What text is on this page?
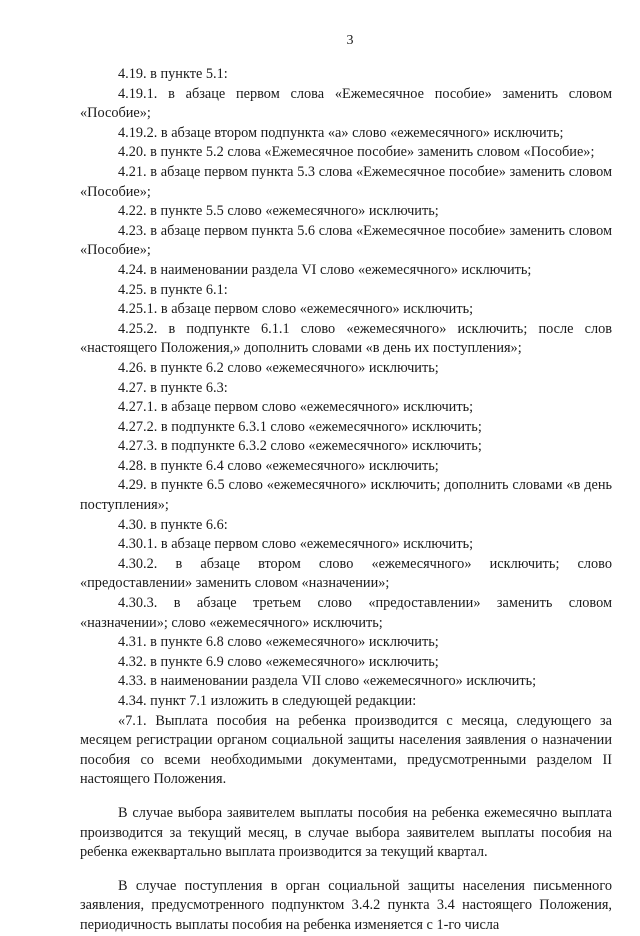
3

4.19. в пункте 5.1:

4.19.1. в абзаце первом слова «Ежемесячное пособие» заменить словом «Пособие»;

4.19.2. в абзаце втором подпункта «а» слово «ежемесячного» исключить;

4.20. в пункте 5.2 слова «Ежемесячное пособие» заменить словом «Пособие»;

4.21. в абзаце первом пункта 5.3 слова «Ежемесячное пособие» заменить словом «Пособие»;

4.22. в пункте 5.5 слово «ежемесячного» исключить;

4.23. в абзаце первом пункта 5.6 слова «Ежемесячное пособие» заменить словом «Пособие»;

4.24. в наименовании раздела VI слово «ежемесячного» исключить;

4.25. в пункте 6.1:

4.25.1. в абзаце первом слово «ежемесячного» исключить;

4.25.2. в подпункте 6.1.1 слово «ежемесячного» исключить; после слов «настоящего Положения,» дополнить словами «в день их поступления»;

4.26. в пункте 6.2 слово «ежемесячного» исключить;

4.27. в пункте 6.3:

4.27.1. в абзаце первом слово «ежемесячного» исключить;

4.27.2. в подпункте 6.3.1 слово «ежемесячного» исключить;

4.27.3. в подпункте 6.3.2 слово «ежемесячного» исключить;

4.28. в пункте 6.4 слово «ежемесячного» исключить;

4.29. в пункте 6.5 слово «ежемесячного» исключить; дополнить словами «в день поступления»;

4.30. в пункте 6.6:

4.30.1. в абзаце первом слово «ежемесячного» исключить;

4.30.2. в абзаце втором слово «ежемесячного» исключить; слово «предоставлении» заменить словом «назначении»;

4.30.3. в абзаце третьем слово «предоставлении» заменить словом «назначении»; слово «ежемесячного» исключить;

4.31. в пункте 6.8 слово «ежемесячного» исключить;

4.32. в пункте 6.9 слово «ежемесячного» исключить;

4.33. в наименовании раздела VII слово «ежемесячного» исключить;

4.34. пункт 7.1 изложить в следующей редакции:

«7.1. Выплата пособия на ребенка производится с месяца, следующего за месяцем регистрации органом социальной защиты населения заявления о назначении пособия со всеми необходимыми документами, предусмотренными разделом II настоящего Положения.

В случае выбора заявителем выплаты пособия на ребенка ежемесячно выплата производится за текущий месяц, в случае выбора заявителем выплаты пособия на ребенка ежеквартально выплата производится за текущий квартал.

В случае поступления в орган социальной защиты населения письменного заявления, предусмотренного подпунктом 3.4.2 пункта 3.4 настоящего Положения, периодичность выплаты пособия на ребенка изменяется с 1-го числа
